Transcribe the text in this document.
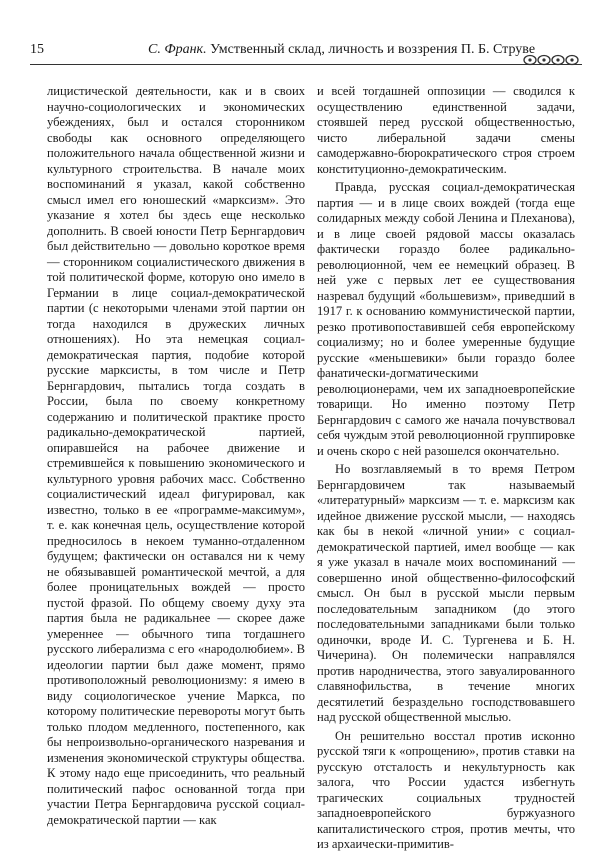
15	С. Франк. Умственный склад, личность и воззрения П. Б. Струве

лицистической деятельности, как и в своих научно-социологических и экономических убеждениях, был и остался сторонником свободы как основного определяющего положительного начала общественной жизни и культурного строительства. В начале моих воспоминаний я указал, какой собственно смысл имел его юношеский «марксизм». Это указание я хотел бы здесь еще несколько дополнить. В своей юности Петр Бернгардович был действительно — довольно короткое время — сторонником социалистического движения в той политической форме, которую оно имело в Германии в лице социал-демократической партии (с некоторыми членами этой партии он тогда находился в дружеских личных отношениях). Но эта немецкая социал-демократическая партия, подобие которой русские марксисты, в том числе и Петр Бернгардович, пытались тогда создать в России, была по своему конкретному содержанию и политической практике просто радикально-демократической партией, опиравшейся на рабочее движение и стремившейся к повышению экономического и культурного уровня рабочих масс. Собственно социалистический идеал фигурировал, как известно, только в ее «программе-максимум», т. е. как конечная цель, осуществление которой предносилось в некоем туманно-отдаленном будущем; фактически он оставался ни к чему не обязывавшей романтической мечтой, а для более проницательных вождей — просто пустой фразой. По общему своему духу эта партия была не радикальнее — скорее даже умереннее — обычного типа тогдашнего русского либерализма с его «народолюбием». В идеологии партии был даже момент, прямо противоположный революционизму: я имею в виду социологическое учение Маркса, по которому политические перевороты могут быть только плодом медленного, постепенного, как бы непроизвольно-органического назревания и изменения экономической структуры общества. К этому надо еще присоединить, что реальный политический пафос основанной тогда при участии Петра Бернгардовича русской социал-демократической партии — как

и всей тогдашней оппозиции — сводился к осуществлению единственной задачи, стоявшей перед русской общественностью, чисто либеральной задачи смены самодержавно-бюрократического строя строем конституционно-демократическим.

Правда, русская социал-демократическая партия — и в лице своих вождей (тогда еще солидарных между собой Ленина и Плеханова), и в лице своей рядовой массы оказалась фактически гораздо более радикально-революционной, чем ее немецкий образец. В ней уже с первых лет ее существования назревал будущий «большевизм», приведший в 1917 г. к основанию коммунистической партии, резко противопоставившей себя европейскому социализму; но и более умеренные будущие русские «меньшевики» были гораздо более фанатически-догматическими революционерами, чем их западноевропейские товарищи. Но именно поэтому Петр Бернгардович с самого же начала почувствовал себя чуждым этой революционной группировке и очень скоро с ней разошелся окончательно.

Но возглавляемый в то время Петром Бернгардовичем так называемый «литературный» марксизм — т. е. марксизм как идейное движение русской мысли, — находясь как бы в некой «личной унии» с социал-демократической партией, имел вообще — как я уже указал в начале моих воспоминаний — совершенно иной общественно-философский смысл. Он был в русской мысли первым последовательным западником (до этого последовательными западниками были только одиночки, вроде И. С. Тургенева и Б. Н. Чичерина). Он полемически направлялся против народничества, этого завуалированного славянофильства, в течение многих десятилетий безраздельно господствовавшего над русской общественной мыслью.

Он решительно восстал против исконно русской тяги к «опрощению», против ставки на русскую отсталость и некультурность как залога, что России удастся избегнуть трагических социальных трудностей западноевропейского буржуазного капиталистического строя, против мечты, что из архаически-примитив-
